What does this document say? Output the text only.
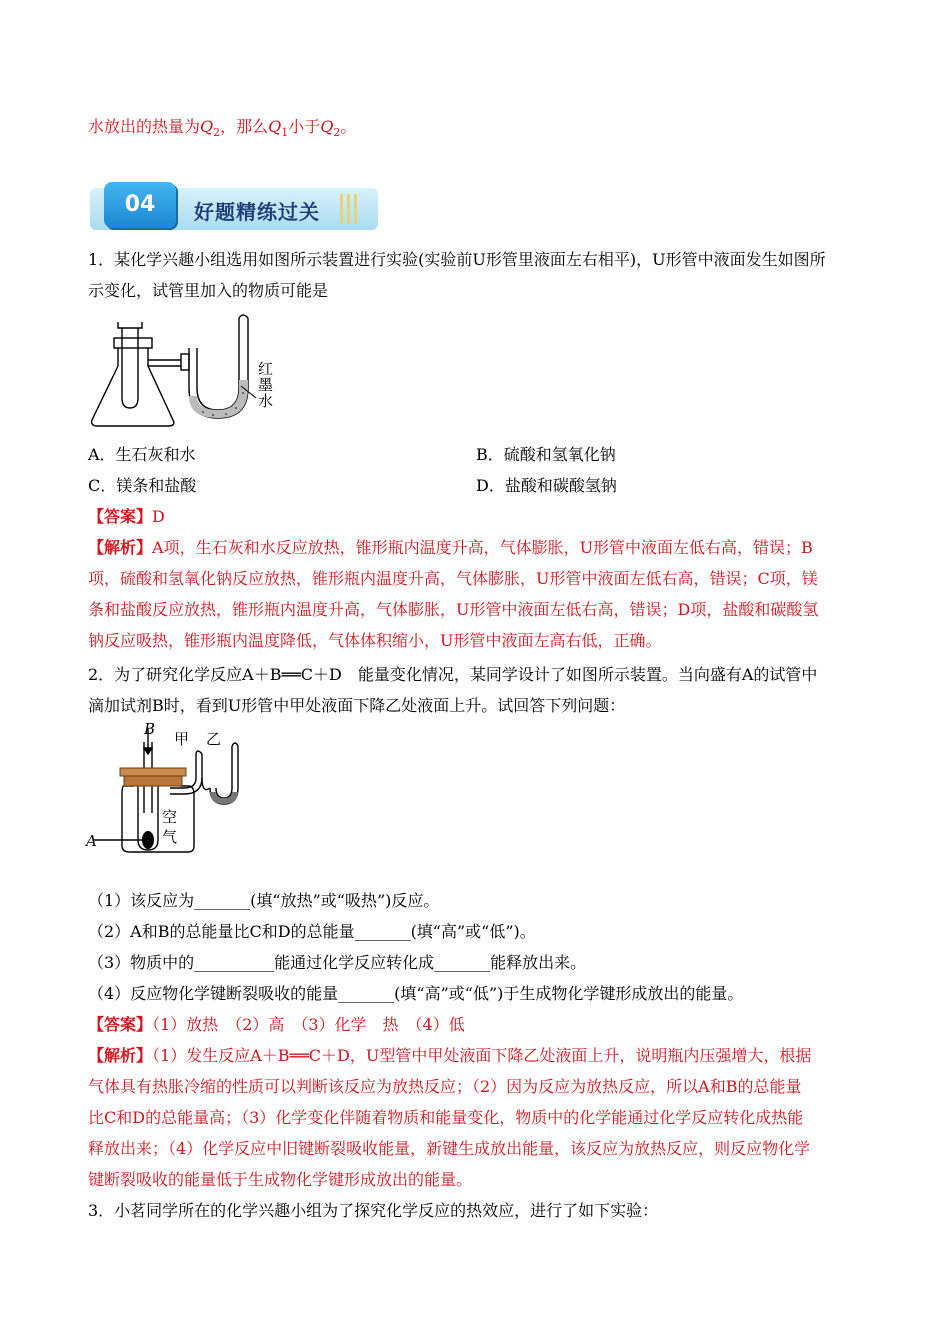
水放出的热量为$Q_2$，那么$Q_1$小于$Q_2$。
04	好题精练过关
1．某化学兴趣小组选用如图所示装置进行实验(实验前U形管里液面左右相平)，U形管中液面发生如图所
示变化，试管里加入的物质可能是
红
墨
水
A．生石灰和水	B．硫酸和氢氧化钠
C．镁条和盐酸	D．盐酸和碳酸氢钠
【答案】D
【解析】A项，生石灰和水反应放热，锥形瓶内温度升高，气体膨胀，U形管中液面左低右高，错误；B
项，硫酸和氢氧化钠反应放热，锥形瓶内温度升高，气体膨胀，U形管中液面左低右高，错误；C项，镁
条和盐酸反应放热，锥形瓶内温度升高，气体膨胀，U形管中液面左低右高，错误；D项，盐酸和碳酸氢
钠反应吸热，锥形瓶内温度降低，气体体积缩小，U形管中液面左高右低，正确。
2．为了研究化学反应A＋B══C＋D　能量变化情况，某同学设计了如图所示装置。当向盛有A的试管中
滴加试剂B时，看到U形管中甲处液面下降乙处液面上升。试回答下列问题：
B
甲 乙
空
气
A
（1）该反应为_______(填“放热”或“吸热”)反应。
（2）A和B的总能量比C和D的总能量_______(填“高”或“低”)。
（3）物质中的__________能通过化学反应转化成_______能释放出来。
（4）反应物化学键断裂吸收的能量_______(填“高”或“低”)于生成物化学键形成放出的能量。
【答案】（1）放热　（2）高　（3）化学　热　（4）低
【解析】（1）发生反应A＋B══C＋D，U型管中甲处液面下降乙处液面上升，说明瓶内压强增大，根据
气体具有热胀冷缩的性质可以判断该反应为放热反应；（2）因为反应为放热反应，所以A和B的总能量
比C和D的总能量高；（3）化学变化伴随着物质和能量变化，物质中的化学能通过化学反应转化成热能
释放出来；（4）化学反应中旧键断裂吸收能量，新键生成放出能量，该反应为放热反应，则反应物化学
键断裂吸收的能量低于生成物化学键形成放出的能量。
3．小茗同学所在的化学兴趣小组为了探究化学反应的热效应，进行了如下实验：
